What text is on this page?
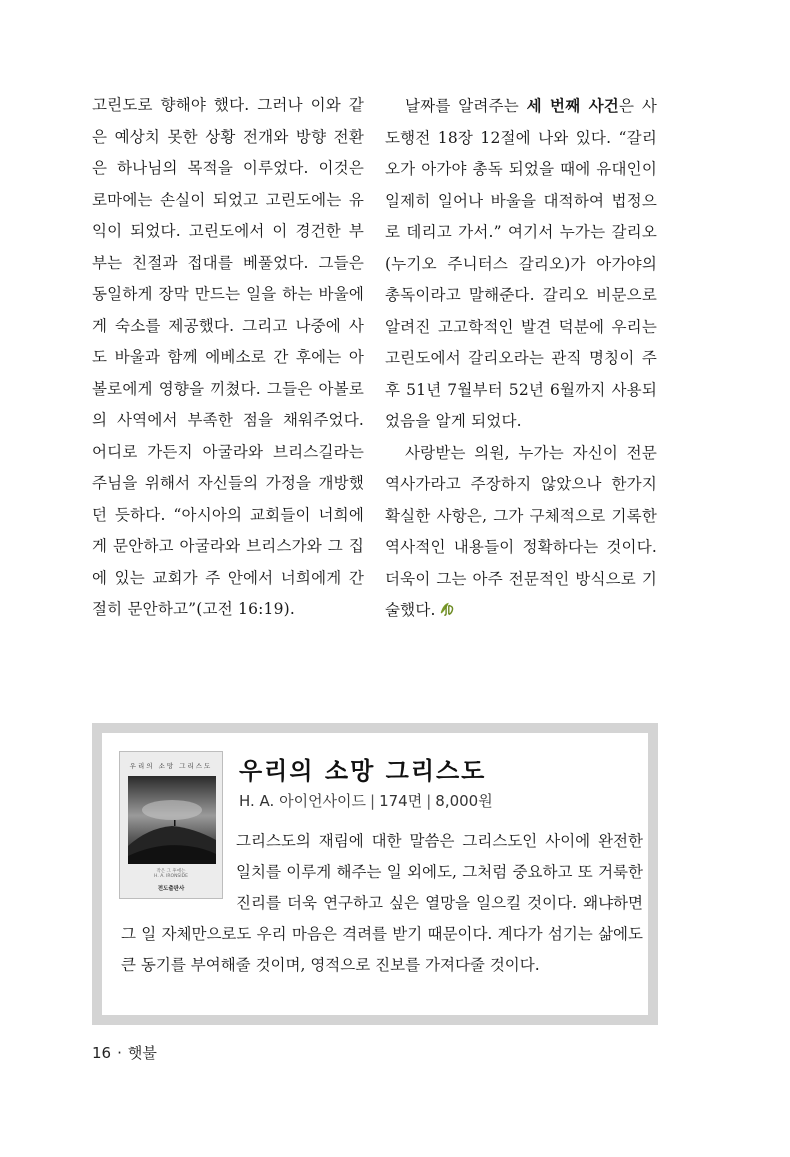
고린도로 향해야 했다. 그러나 이와 같은 예상치 못한 상황 전개와 방향 전환은 하나님의 목적을 이루었다. 이것은 로마에는 손실이 되었고 고린도에는 유익이 되었다. 고린도에서 이 경건한 부부는 친절과 접대를 베풀었다. 그들은 동일하게 장막 만드는 일을 하는 바울에게 숙소를 제공했다. 그리고 나중에 사도 바울과 함께 에베소로 간 후에는 아볼로에게 영향을 끼쳤다. 그들은 아볼로의 사역에서 부족한 점을 채워주었다. 어디로 가든지 아굴라와 브리스길라는 주님을 위해서 자신들의 가정을 개방했던 듯하다. “아시아의 교회들이 너희에게 문안하고 아굴라와 브리스가와 그 집에 있는 교회가 주 안에서 너희에게 간절히 문안하고”(고전 16:19).

날짜를 알려주는 세 번째 사건은 사도행전 18장 12절에 나와 있다. “갈리오가 아가야 총독 되었을 때에 유대인이 일제히 일어나 바울을 대적하여 법정으로 데리고 가서.” 여기서 누가는 갈리오(누기오 주니터스 갈리오)가 아가야의 총독이라고 말해준다. 갈리오 비문으로 알려진 고고학적인 발견 덕분에 우리는 고린도에서 갈리오라는 관직 명칭이 주후 51년 7월부터 52년 6월까지 사용되었음을 알게 되었다.

사랑받는 의원, 누가는 자신이 전문 역사가라고 주장하지 않았으나 한가지 확실한 사항은, 그가 구체적으로 기록한 역사적인 내용들이 정확하다는 것이다. 더욱이 그는 아주 전문적인 방식으로 기술했다.

우리의 소망 그리스도
작은 그 후에는
H. A. IRONSIDE
전도출판사
우리의 소망 그리스도
H. A. 아이언사이드 | 174면 | 8,000원
그리스도의 재림에 대한 말씀은 그리스도인 사이에 완전한 일치를 이루게 해주는 일 외에도, 그처럼 중요하고 또 거룩한 진리를 더욱 연구하고 싶은 열망을 일으킬 것이다. 왜냐하면 그 일 자체만으로도 우리 마음은 격려를 받기 때문이다. 계다가 섬기는 삶에도 큰 동기를 부여해줄 것이며, 영적으로 진보를 가져다줄 것이다.
16 · 햇불
